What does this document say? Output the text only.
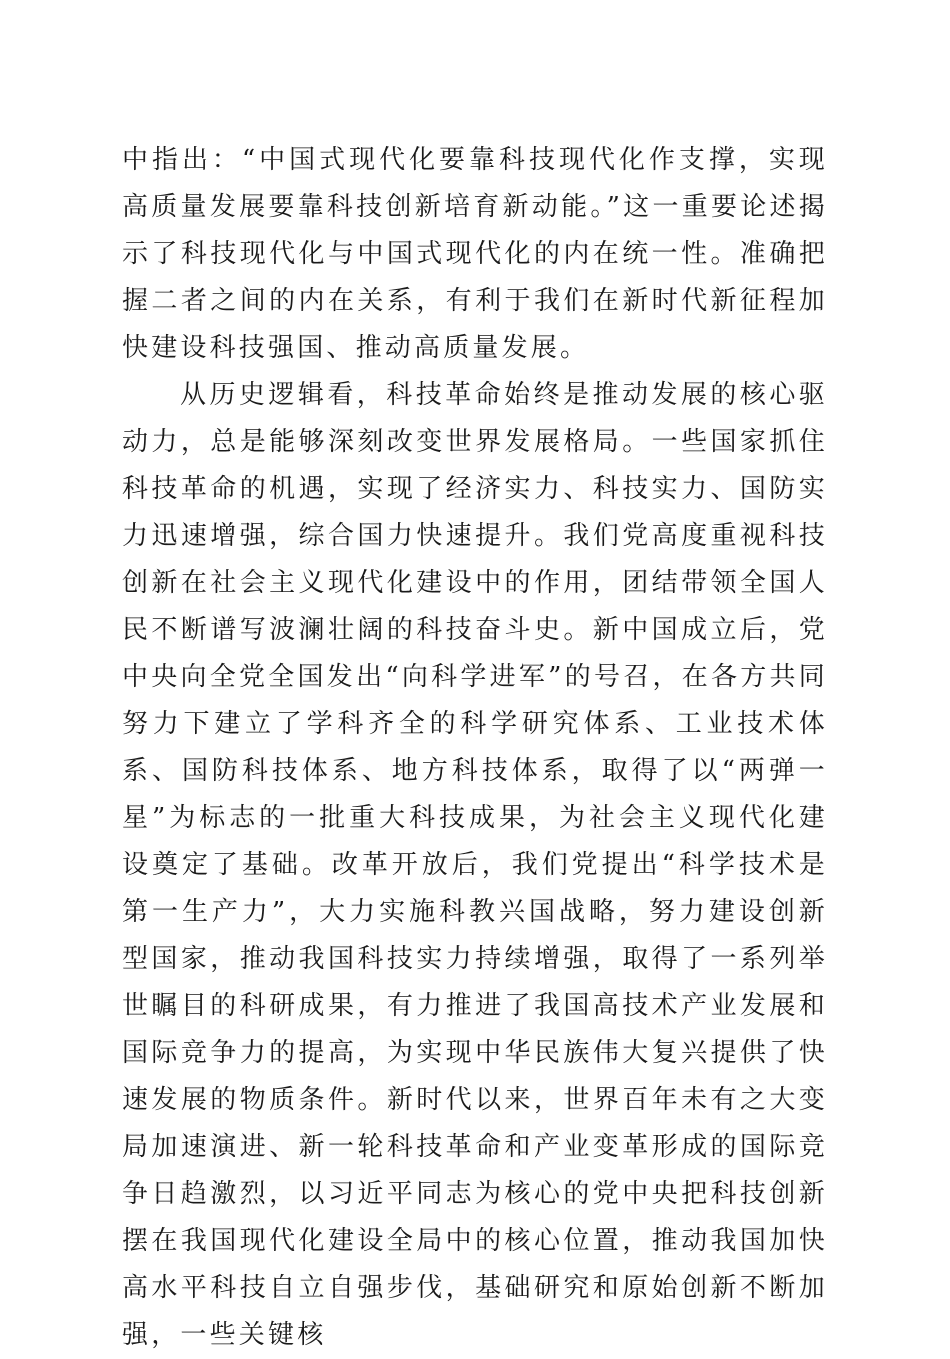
中指出：“中国式现代化要靠科技现代化作支撑，实现高质量发展要靠科技创新培育新动能。”这一重要论述揭示了科技现代化与中国式现代化的内在统一性。准确把握二者之间的内在关系，有利于我们在新时代新征程加快建设科技强国、推动高质量发展。

从历史逻辑看，科技革命始终是推动发展的核心驱动力，总是能够深刻改变世界发展格局。一些国家抓住科技革命的机遇，实现了经济实力、科技实力、国防实力迅速增强，综合国力快速提升。我们党高度重视科技创新在社会主义现代化建设中的作用，团结带领全国人民不断谱写波澜壮阔的科技奋斗史。新中国成立后，党中央向全党全国发出“向科学进军”的号召，在各方共同努力下建立了学科齐全的科学研究体系、工业技术体系、国防科技体系、地方科技体系，取得了以“两弹一星”为标志的一批重大科技成果，为社会主义现代化建设奠定了基础。改革开放后，我们党提出“科学技术是第一生产力”，大力实施科教兴国战略，努力建设创新型国家，推动我国科技实力持续增强，取得了一系列举世瞩目的科研成果，有力推进了我国高技术产业发展和国际竞争力的提高，为实现中华民族伟大复兴提供了快速发展的物质条件。新时代以来，世界百年未有之大变局加速演进、新一轮科技革命和产业变革形成的国际竞争日趋激烈，以习近平同志为核心的党中央把科技创新摆在我国现代化建设全局中的核心位置，推动我国加快高水平科技自立自强步伐，基础研究和原始创新不断加强，一些关键核
